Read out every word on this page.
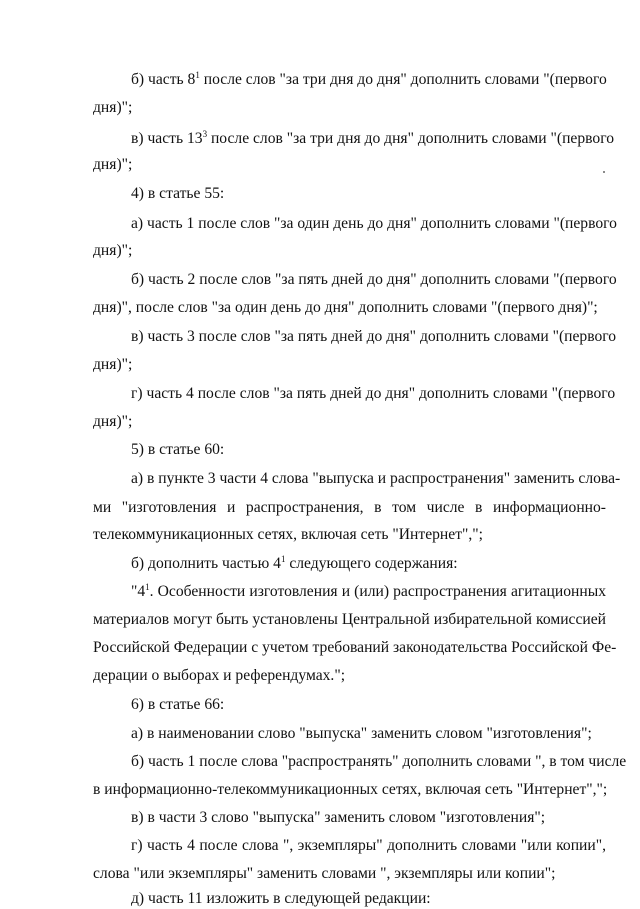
б) часть $8^1$ после слов "за три дня до дня" дополнить словами "(первого
дня)";
в) часть $13^3$ после слов "за три дня до дня" дополнить словами "(первого
дня)";
4) в статье 55:
а) часть 1 после слов "за один день до дня" дополнить словами "(первого
дня)";
б) часть 2 после слов "за пять дней до дня" дополнить словами "(первого
дня)", после слов "за один день до дня" дополнить словами "(первого дня)";
в) часть 3 после слов "за пять дней до дня" дополнить словами "(первого
дня)";
г) часть 4 после слов "за пять дней до дня" дополнить словами "(первого
дня)";
5) в статье 60:
а) в пункте 3 части 4 слова "выпуска и распространения" заменить слова-
ми "изготовления и распространения, в том числе в информационно-
телекоммуникационных сетях, включая сеть "Интернет",";
б) дополнить частью $4^1$ следующего содержания:
"$4^1$. Особенности изготовления и (или) распространения агитационных
материалов могут быть установлены Центральной избирательной комиссией
Российской Федерации с учетом требований законодательства Российской Фе-
дерации о выборах и референдумах.";
6) в статье 66:
а) в наименовании слово "выпуска" заменить словом "изготовления";
б) часть 1 после слова "распространять" дополнить словами ", в том числе
в информационно-телекоммуникационных сетях, включая сеть "Интернет",";
в) в части 3 слово "выпуска" заменить словом "изготовления";
г) часть 4 после слова ", экземпляры" дополнить словами "или копии",
слова "или экземпляры" заменить словами ", экземпляры или копии";
д) часть 11 изложить в следующей редакции:
